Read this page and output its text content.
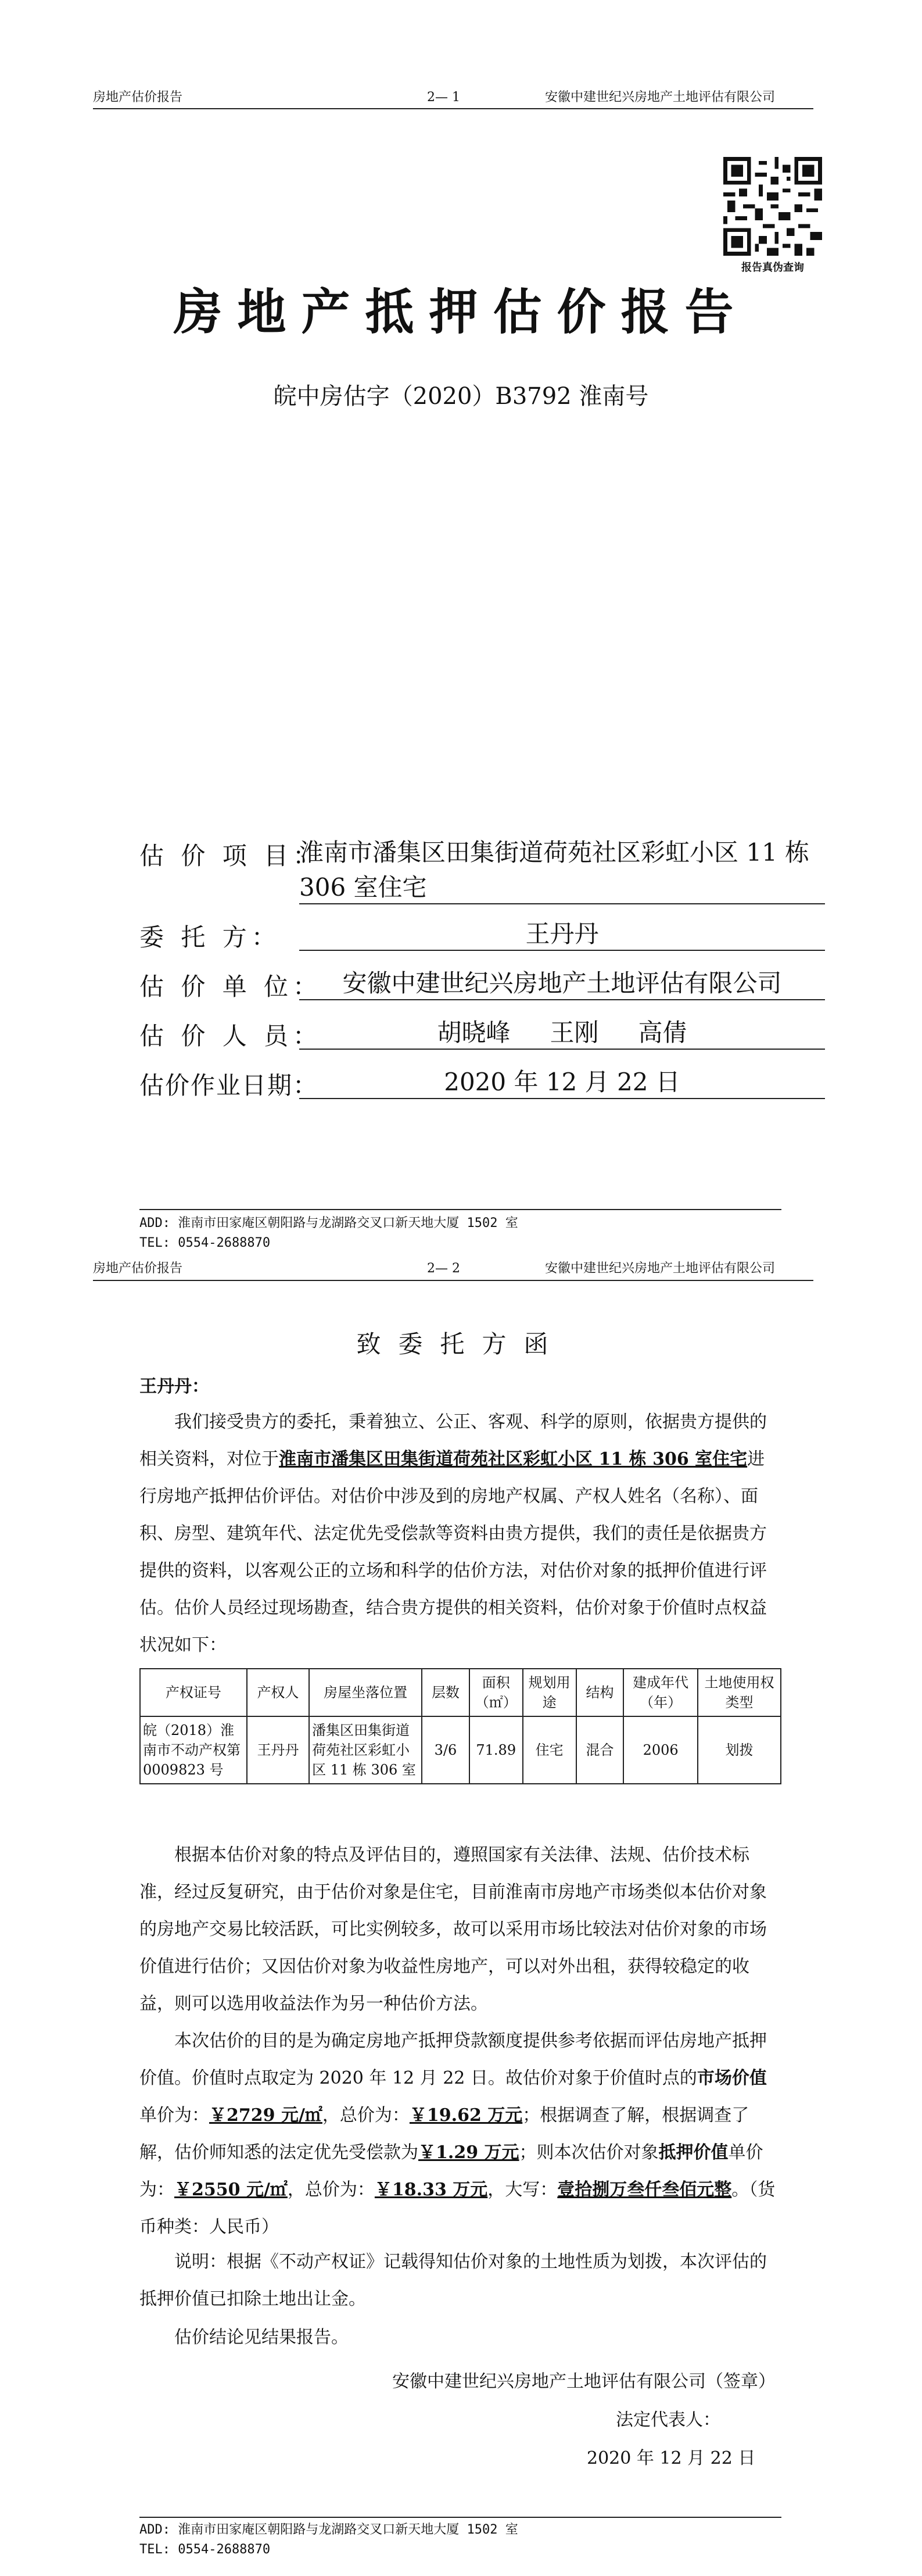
房地产估价报告	2— 1	安徽中建世纪兴房地产土地评估有限公司
报告真伪查询
房地产抵押估价报告
皖中房估字（2020）B3792 淮南号
估 价 项 目：
淮南市潘集区田集街道荷苑社区彩虹小区 11 栋
306 室住宅
委 托 方：	王丹丹
估 价 单 位： 安徽中建世纪兴房地产土地评估有限公司
估 价 人 员：	胡晓峰 王刚 高倩
估价作业日期：	2020 年 12 月 22 日
ADD: 淮南市田家庵区朝阳路与龙湖路交叉口新天地大厦 1502 室
TEL: 0554-2688870
房地产估价报告	2— 2	安徽中建世纪兴房地产土地评估有限公司
致委托方函
王丹丹：

我们接受贵方的委托，秉着独立、公正、客观、科学的原则，依据贵方提供的相关资料，对位于淮南市潘集区田集街道荷苑社区彩虹小区 11 栋 306 室住宅进行房地产抵押估价评估。对估价中涉及到的房地产权属、产权人姓名（名称）、面积、房型、建筑年代、法定优先受偿款等资料由贵方提供，我们的责任是依据贵方提供的资料，以客观公正的立场和科学的估价方法，对估价对象的抵押价值进行评估。 估价人员经过现场勘查，结合贵方提供的相关资料，估价对象于价值时点权益状况如下：

产权证号	产权人	房屋坐落位置	层数	面积（㎡）	规划用途	结构	建成年代（年）	土地使用权类型
皖（2018）淮南市不动产权第 0009823 号	王丹丹	潘集区田集街道荷苑社区彩虹小区 11 栋 306 室	3/6	71.89	住宅	混合	2006	划拨

根据本估价对象的特点及评估目的，遵照国家有关法律、法规、估价技术标准，经过反复研究，由于估价对象是住宅，目前淮南市房地产市场类似本估价对象的房地产交易比较活跃，可比实例较多，故可以采用市场比较法对估价对象的市场价值进行估价；又因估价对象为收益性房地产，可以对外出租，获得较稳定的收益，则可以选用收益法作为另一种估价方法。

本次估价的目的是为确定房地产抵押贷款额度提供参考依据而评估房地产抵押价值。价值时点取定为 2020 年 12 月 22 日。故估价对象于价值时点的市场价值单价为：￥2729 元/㎡，总价为：￥19.62 万元；根据调查了解，根据调查了解，估价师知悉的法定优先受偿款为￥1.29 万元；则本次估价对象抵押价值单价为：￥2550 元/㎡，总价为：￥18.33 万元，大写：壹拾捌万叁仟叁佰元整。（货币种类：人民币）

说明：根据《不动产权证》记载得知估价对象的土地性质为划拨，本次评估的抵押价值已扣除土地出让金。

估价结论见结果报告。

安徽中建世纪兴房地产土地评估有限公司（签章）
法定代表人：
2020 年 12 月 22 日
ADD: 淮南市田家庵区朝阳路与龙湖路交叉口新天地大厦 1502 室
TEL: 0554-2688870
